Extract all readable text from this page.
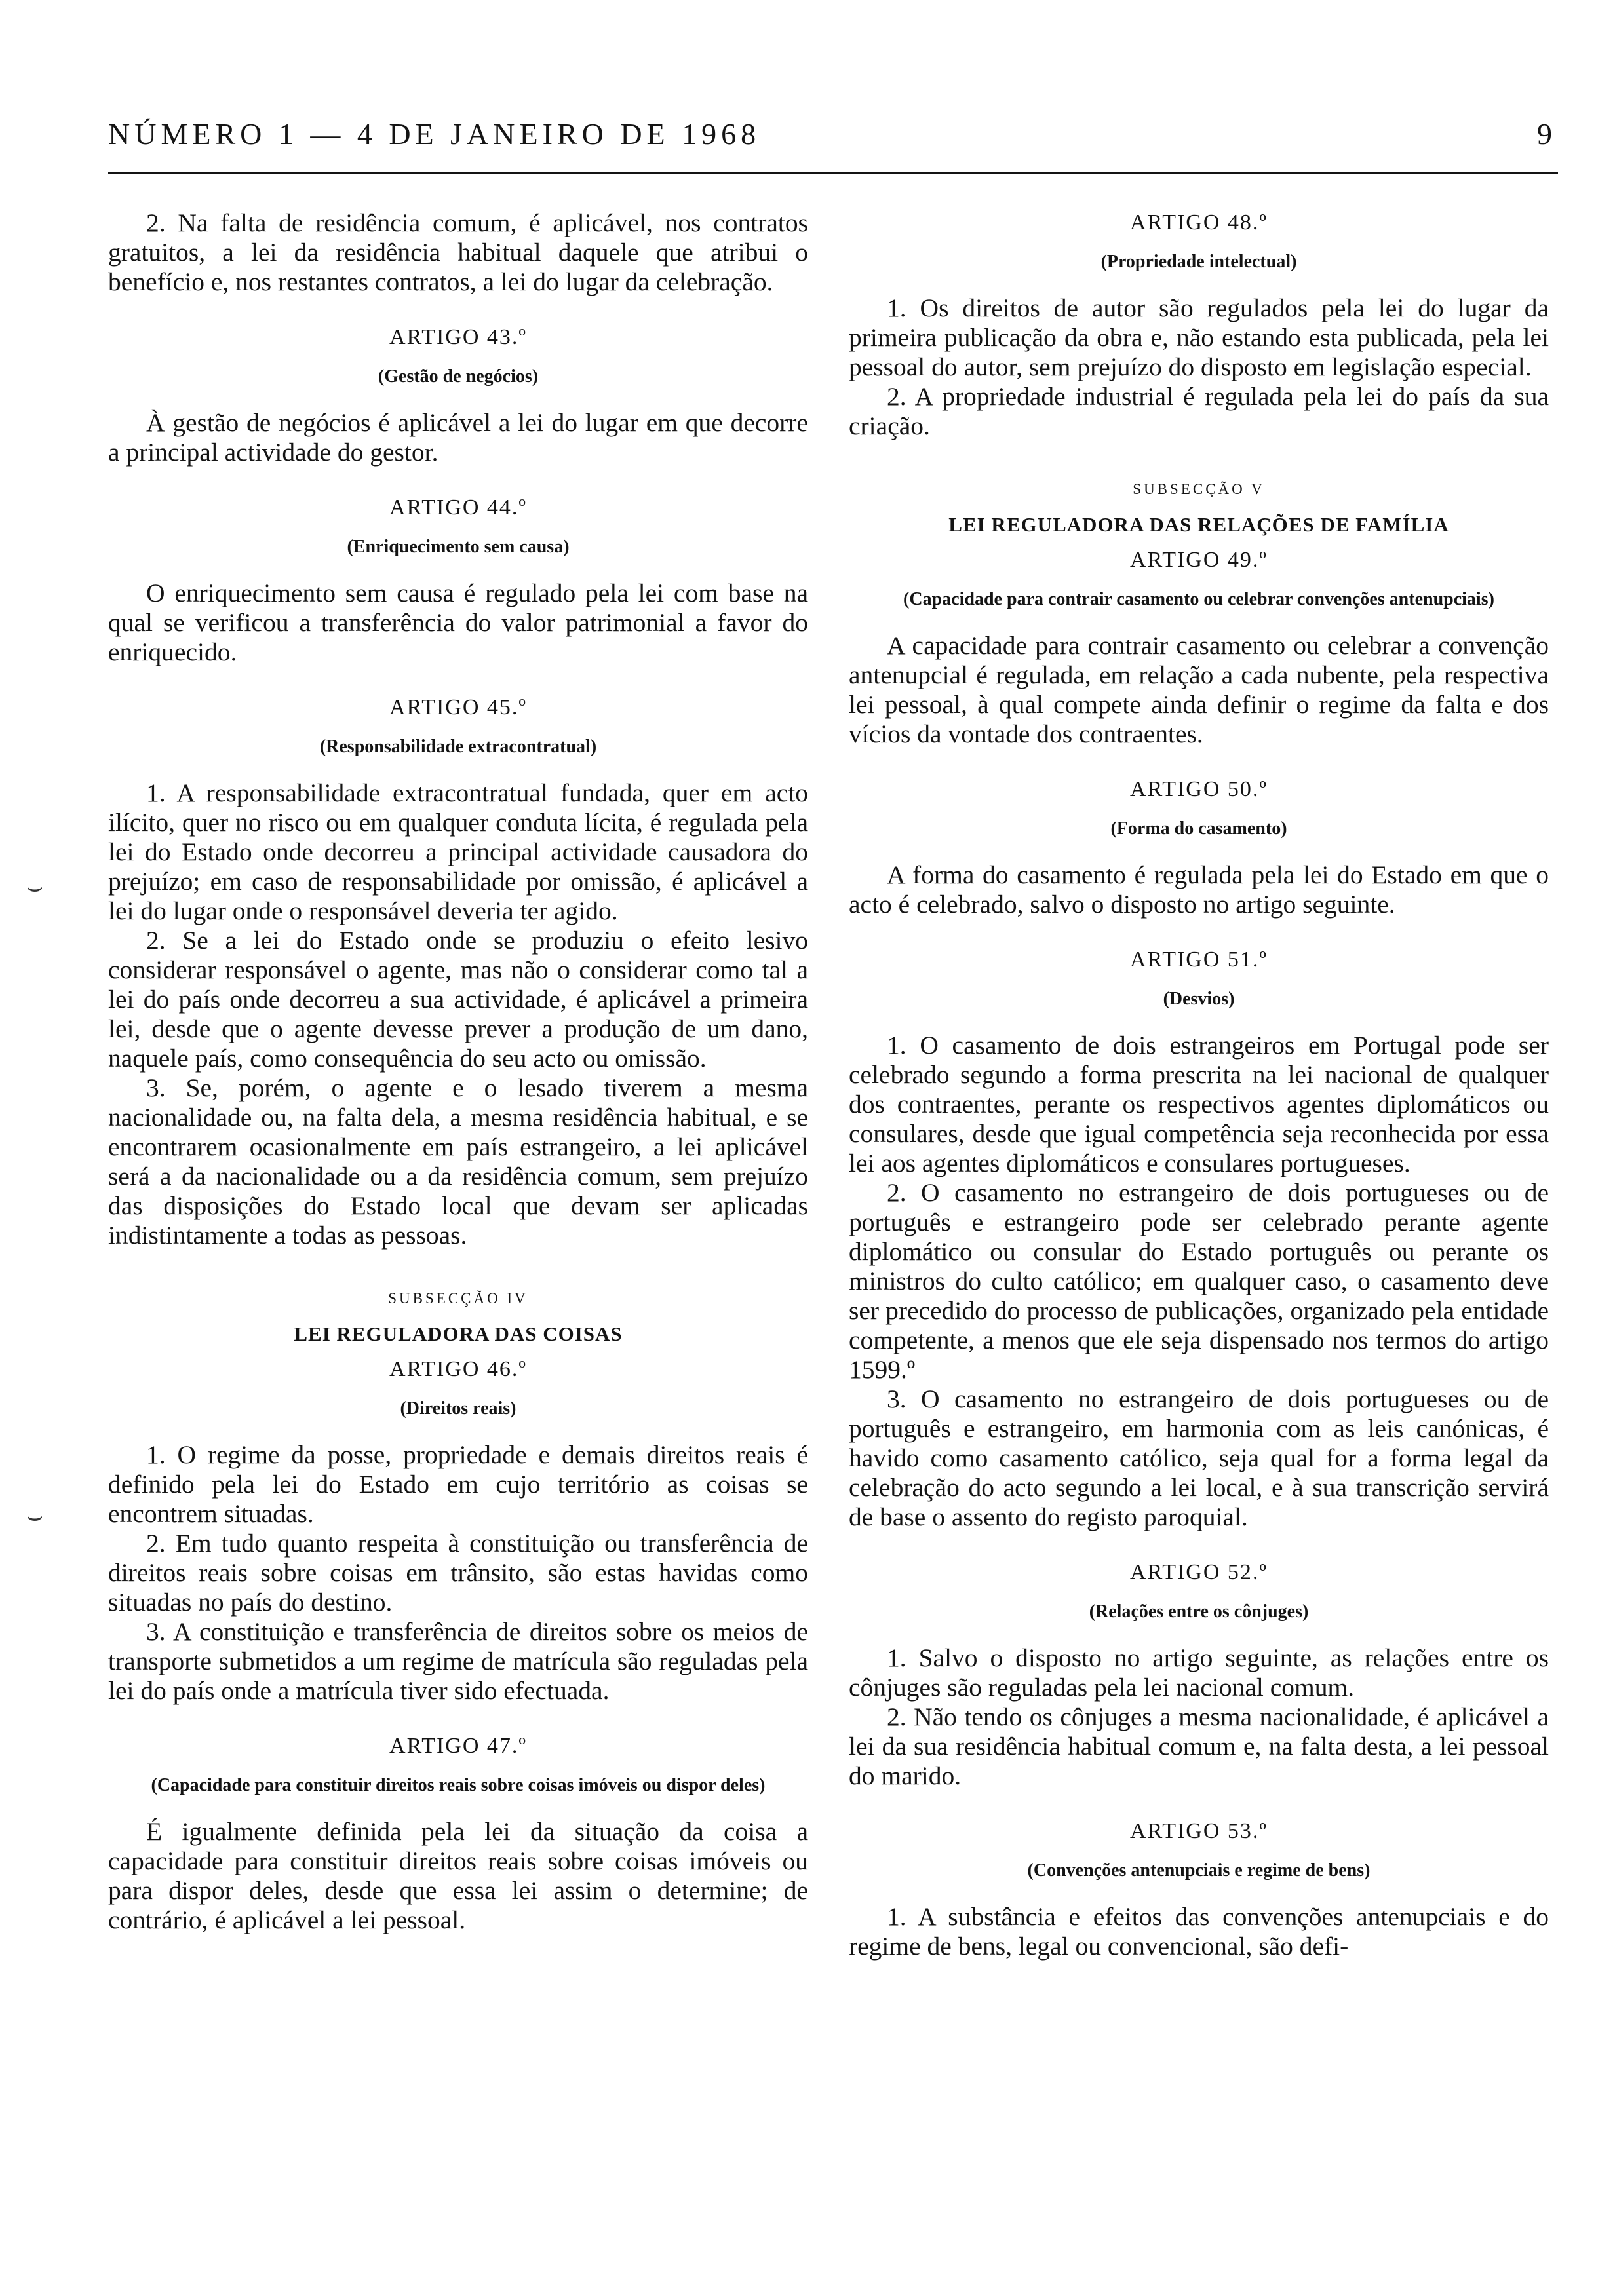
NÚMERO 1 — 4 DE JANEIRO DE 1968	9
⌣
⌣

2. Na falta de residência comum, é aplicável, nos contratos gratuitos, a lei da residência habitual daquele que atribui o benefício e, nos restantes contratos, a lei do lugar da celebração.

ARTIGO 43.º
(Gestão de negócios)

À gestão de negócios é aplicável a lei do lugar em que decorre a principal actividade do gestor.

ARTIGO 44.º
(Enriquecimento sem causa)

O enriquecimento sem causa é regulado pela lei com base na qual se verificou a transferência do valor patrimonial a favor do enriquecido.

ARTIGO 45.º
(Responsabilidade extracontratual)

1. A responsabilidade extracontratual fundada, quer em acto ilícito, quer no risco ou em qualquer conduta lícita, é regulada pela lei do Estado onde decorreu a principal actividade causadora do prejuízo; em caso de responsabilidade por omissão, é aplicável a lei do lugar onde o responsável deveria ter agido.

2. Se a lei do Estado onde se produziu o efeito lesivo considerar responsável o agente, mas não o considerar como tal a lei do país onde decorreu a sua actividade, é aplicável a primeira lei, desde que o agente devesse prever a produção de um dano, naquele país, como consequência do seu acto ou omissão.

3. Se, porém, o agente e o lesado tiverem a mesma nacionalidade ou, na falta dela, a mesma residência habitual, e se encontrarem ocasionalmente em país estrangeiro, a lei aplicável será a da nacionalidade ou a da residência comum, sem prejuízo das disposições do Estado local que devam ser aplicadas indistintamente a todas as pessoas.

SUBSECÇÃO IV
LEI REGULADORA DAS COISAS
ARTIGO 46.º
(Direitos reais)

1. O regime da posse, propriedade e demais direitos reais é definido pela lei do Estado em cujo território as coisas se encontrem situadas.

2. Em tudo quanto respeita à constituição ou transferência de direitos reais sobre coisas em trânsito, são estas havidas como situadas no país do destino.

3. A constituição e transferência de direitos sobre os meios de transporte submetidos a um regime de matrícula são reguladas pela lei do país onde a matrícula tiver sido efectuada.

ARTIGO 47.º
(Capacidade para constituir direitos reais sobre coisas imóveis ou dispor deles)

É igualmente definida pela lei da situação da coisa a capacidade para constituir direitos reais sobre coisas imóveis ou para dispor deles, desde que essa lei assim o determine; de contrário, é aplicável a lei pessoal.

ARTIGO 48.º
(Propriedade intelectual)

1. Os direitos de autor são regulados pela lei do lugar da primeira publicação da obra e, não estando esta publicada, pela lei pessoal do autor, sem prejuízo do disposto em legislação especial.

2. A propriedade industrial é regulada pela lei do país da sua criação.

SUBSECÇÃO V
LEI REGULADORA DAS RELAÇÕES DE FAMÍLIA
ARTIGO 49.º
(Capacidade para contrair casamento ou celebrar convenções antenupciais)

A capacidade para contrair casamento ou celebrar a convenção antenupcial é regulada, em relação a cada nubente, pela respectiva lei pessoal, à qual compete ainda definir o regime da falta e dos vícios da vontade dos contraentes.

ARTIGO 50.º
(Forma do casamento)

A forma do casamento é regulada pela lei do Estado em que o acto é celebrado, salvo o disposto no artigo seguinte.

ARTIGO 51.º
(Desvios)

1. O casamento de dois estrangeiros em Portugal pode ser celebrado segundo a forma prescrita na lei nacional de qualquer dos contraentes, perante os respectivos agentes diplomáticos ou consulares, desde que igual competência seja reconhecida por essa lei aos agentes diplomáticos e consulares portugueses.

2. O casamento no estrangeiro de dois portugueses ou de português e estrangeiro pode ser celebrado perante agente diplomático ou consular do Estado português ou perante os ministros do culto católico; em qualquer caso, o casamento deve ser precedido do processo de publicações, organizado pela entidade competente, a menos que ele seja dispensado nos termos do artigo 1599.º

3. O casamento no estrangeiro de dois portugueses ou de português e estrangeiro, em harmonia com as leis canónicas, é havido como casamento católico, seja qual for a forma legal da celebração do acto segundo a lei local, e à sua transcrição servirá de base o assento do registo paroquial.

ARTIGO 52.º
(Relações entre os cônjuges)

1. Salvo o disposto no artigo seguinte, as relações entre os cônjuges são reguladas pela lei nacional comum.

2. Não tendo os cônjuges a mesma nacionalidade, é aplicável a lei da sua residência habitual comum e, na falta desta, a lei pessoal do marido.

ARTIGO 53.º
(Convenções antenupciais e regime de bens)

1. A substância e efeitos das convenções antenupciais e do regime de bens, legal ou convencional, são defi-
